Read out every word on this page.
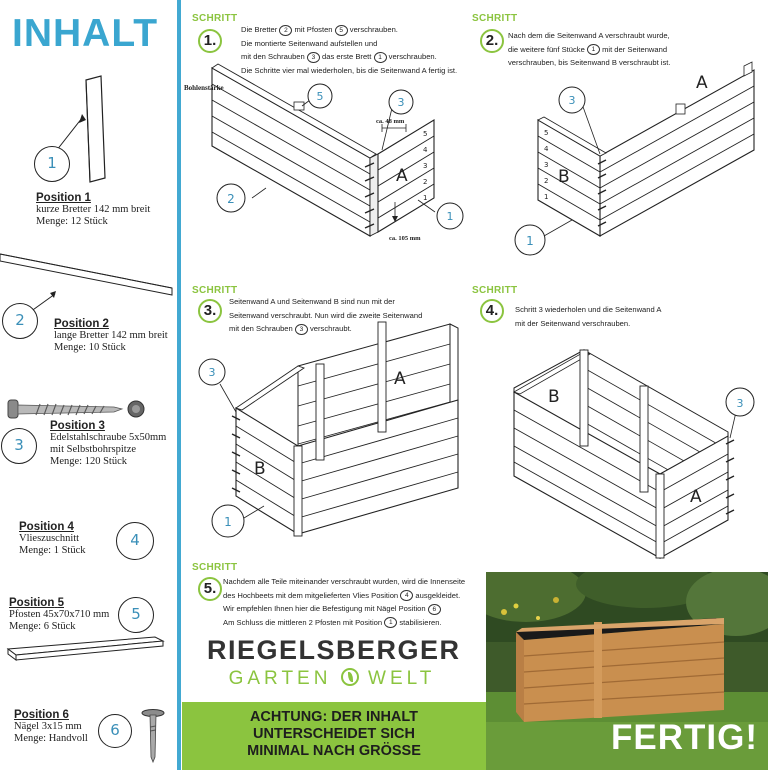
INHALT
1
Position 1
kurze Bretter 142 mm breit
Menge: 12 Stück
2	Position 2
lange Bretter 142 mm breit
Menge: 10 Stück
3
Position 3
Edelstahlschraube 5x50mm
mit Selbstbohrspitze
Menge: 120 Stück
Position 4
Vlieszuschnitt
Menge: 1 Stück
4
Position 5
Pfosten 45x70x710 mm
Menge: 6 Stück
5
Position 6
Nägel 3x15 mm
Menge: Handvoll	6
SCHRITT
1.
Die Bretter 2 mit Pfosten 5 verschrauben.
Die montierte Seitenwand aufstellen und
mit den Schrauben 3 das erste Brett 1 verschrauben.
Die Schritte vier mal wiederholen, bis die Seitenwand A fertig ist.
2
5	3
1
Bohlenstärke
ca. 48 mm
ca. 105 mm
A
5
4
3
2
1
SCHRITT
2.	Nach dem die Seitenwand A verschraubt wurde,
die weitere fünf Stücke 1 mit der Seitenwand
verschrauben, bis Seitenwand B verschraubt ist.
3
1
A
B
5
4
3
2
1
SCHRITT
3.
Seitenwand A und Seitenwand B sind nun mit der
Seitenwand verschraubt. Nun wird die zweite Seitenwand
mit den Schrauben 3 verschraubt.
3
1
A
B
SCHRITT
4.	Schritt 3 wiederholen und die Seitenwand A
mit der Seitenwand verschrauben.
3
B
A
SCHRITT
5. Nachdem alle Teile miteinander verschraubt wurden, wird die Innenseite
des Hochbeets mit dem mitgelieferten Vlies Position 4 ausgekleidet.
Wir empfehlen Ihnen hier die Befestigung mit Nägel Position 6
Am Schluss die mittleren 2 Pfosten mit Position 1 stabilisieren.
RIEGELSBERGER
GARTEN WELT
ACHTUNG: DER INHALT
UNTERSCHEIDET SICH
MINIMAL NACH GRÖSSE	FERTIG!
